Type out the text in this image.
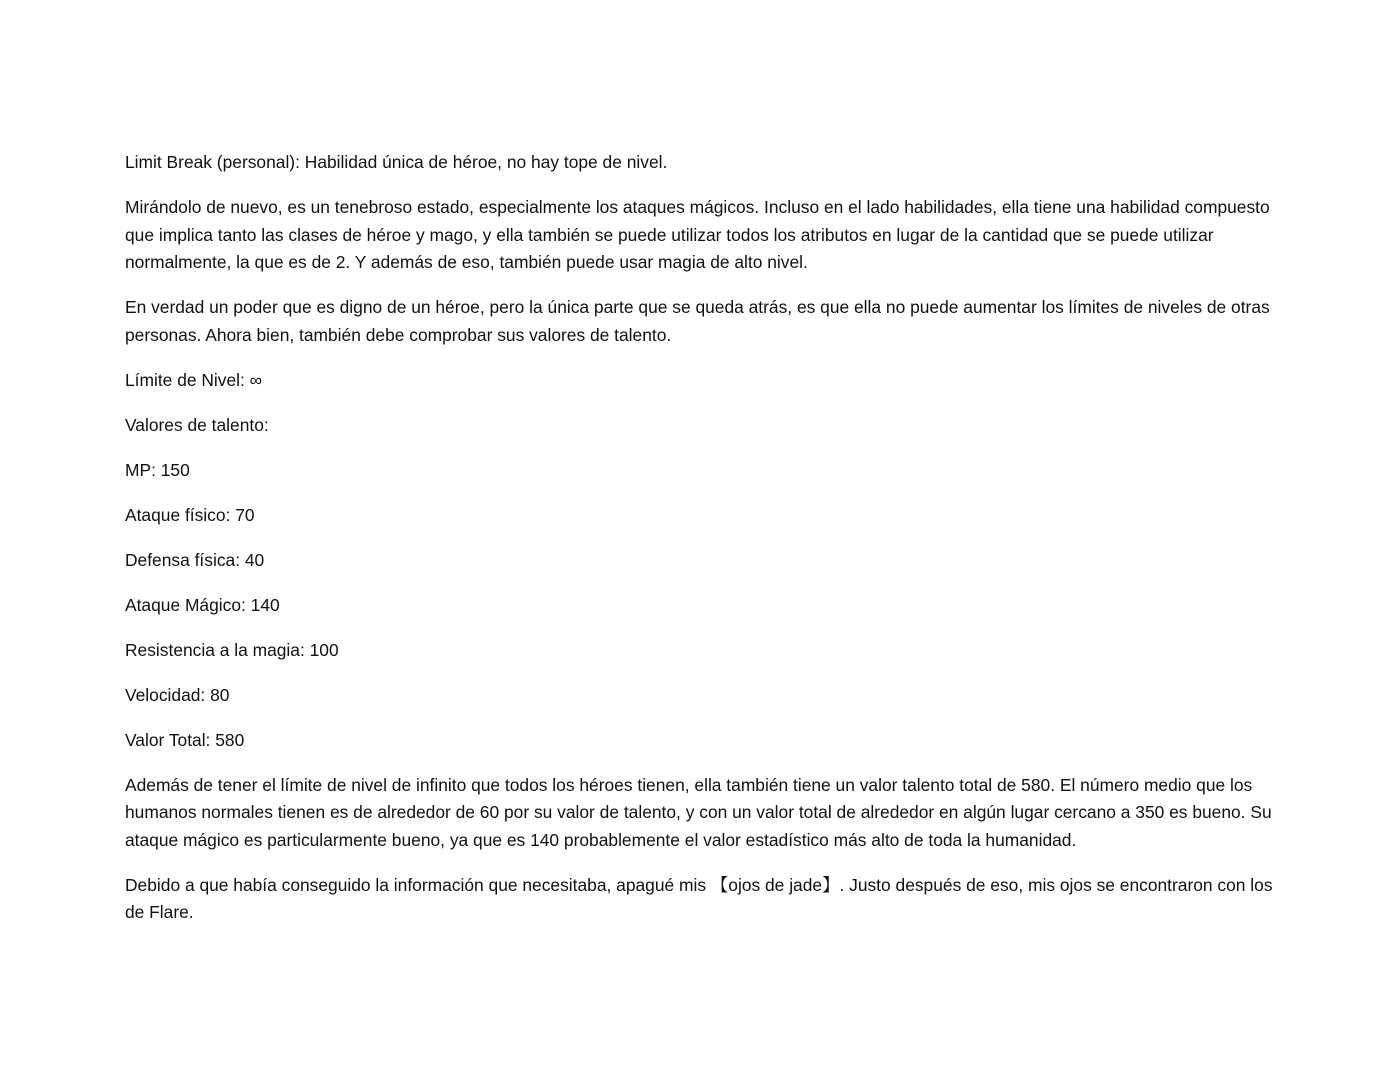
Limit Break (personal): Habilidad única de héroe, no hay tope de nivel.

Mirándolo de nuevo, es un tenebroso estado, especialmente los ataques mágicos. Incluso en el lado habilidades, ella tiene una habilidad compuesto que implica tanto las clases de héroe y mago, y ella también se puede utilizar todos los atributos en lugar de la cantidad que se puede utilizar normalmente, la que es de 2. Y además de eso, también puede usar magia de alto nivel.

En verdad un poder que es digno de un héroe, pero la única parte que se queda atrás, es que ella no puede aumentar los límites de niveles de otras personas. Ahora bien, también debe comprobar sus valores de talento.

Límite de Nivel: ∞

Valores de talento:

MP: 150

Ataque físico: 70

Defensa física: 40

Ataque Mágico: 140

Resistencia a la magia: 100

Velocidad: 80

Valor Total: 580

Además de tener el límite de nivel de infinito que todos los héroes tienen, ella también tiene un valor talento total de 580. El número medio que los humanos normales tienen es de alrededor de 60 por su valor de talento, y con un valor total de alrededor en algún lugar cercano a 350 es bueno. Su ataque mágico es particularmente bueno, ya que es 140 probablemente el valor estadístico más alto de toda la humanidad.

Debido a que había conseguido la información que necesitaba, apagué mis 【ojos de jade】. Justo después de eso, mis ojos se encontraron con los de Flare.
